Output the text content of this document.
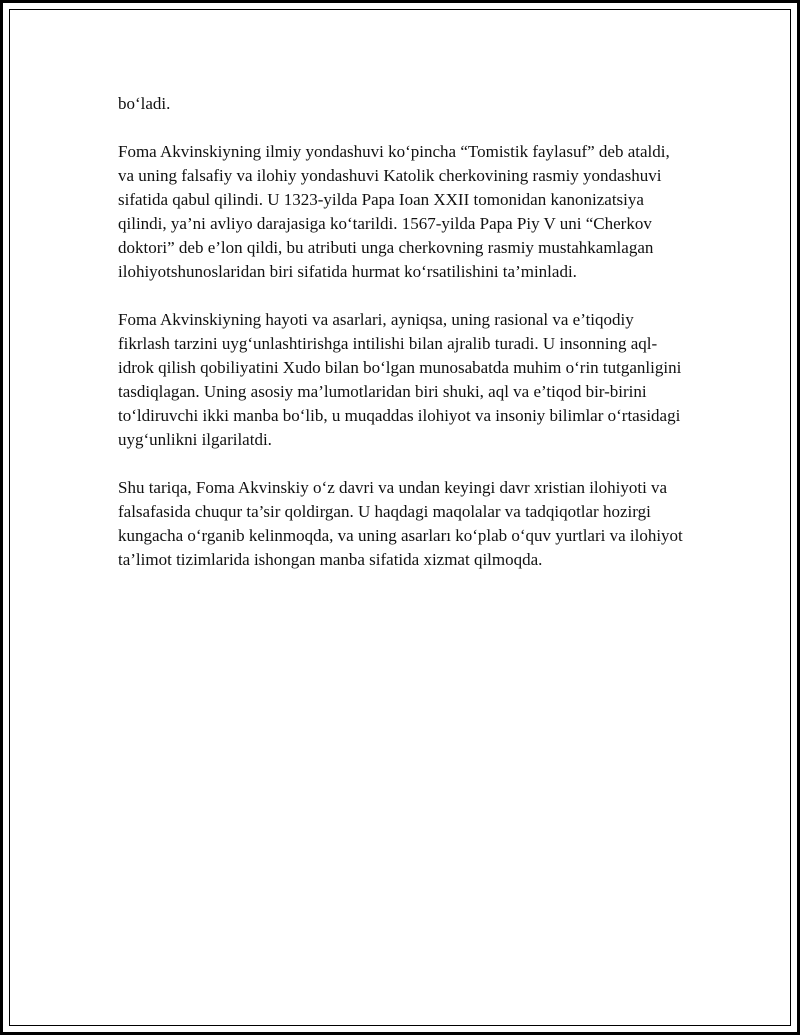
bo‘ladi.

Foma Akvinskiyning ilmiy yondashuvi ko‘pincha “Tomistik faylasuf” deb ataldi, va uning falsafiy va ilohiy yondashuvi Katolik cherkovining rasmiy yondashuvi sifatida qabul qilindi. U 1323-yilda Papa Ioan XXII tomonidan kanonizatsiya qilindi, ya’ni avliyo darajasiga ko‘tarildi. 1567-yilda Papa Piy V uni “Cherkov doktori” deb e’lon qildi, bu atributi unga cherkovning rasmiy mustahkamlagan ilohiyotshunoslaridan biri sifatida hurmat ko‘rsatilishini ta’minladi.

Foma Akvinskiyning hayoti va asarlari, ayniqsa, uning rasional va e’tiqodiy fikrlash tarzini uyg‘unlashtirishga intilishi bilan ajralib turadi. U insonning aql-idrok qilish qobiliyatini Xudo bilan bo‘lgan munosabatda muhim o‘rin tutganligini tasdiqlagan. Uning asosiy ma’lumotlaridan biri shuki, aql va e’tiqod bir-birini to‘ldiruvchi ikki manba bo‘lib, u muqaddas ilohiyot va insoniy bilimlar o‘rtasidagi uyg‘unlikni ilgarilatdi.

Shu tariqa, Foma Akvinskiy o‘z davri va undan keyingi davr xristian ilohiyoti va falsafasida chuqur ta’sir qoldirgan. U haqdagi maqolalar va tadqiqotlar hozirgi kungacha o‘rganib kelinmoqda, va uning asarları ko‘plab o‘quv yurtlari va ilohiyot ta’limot tizimlarida ishongan manba sifatida xizmat qilmoqda.
